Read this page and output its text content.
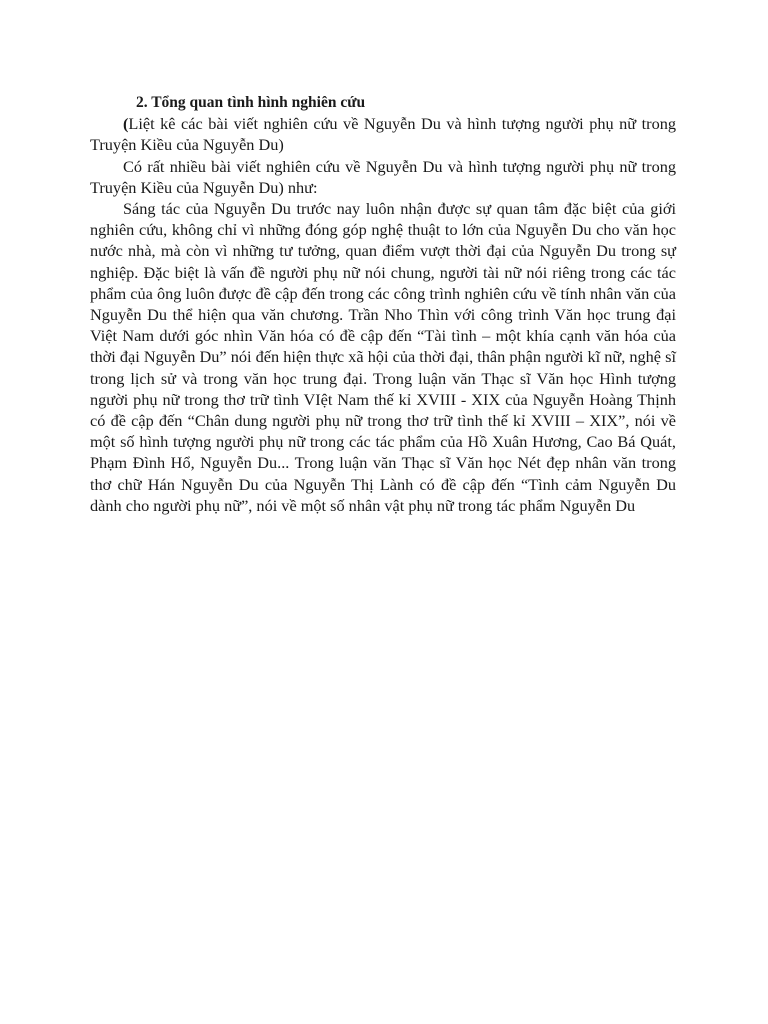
2. Tổng quan tình hình nghiên cứu

(Liệt kê các bài viết nghiên cứu về Nguyễn Du và hình tượng người phụ nữ trong Truyện Kiều của Nguyễn Du)

Có rất nhiều bài viết nghiên cứu về Nguyễn Du và hình tượng người phụ nữ trong Truyện Kiều của Nguyễn Du) như:

Sáng tác của Nguyễn Du trước nay luôn nhận được sự quan tâm đặc biệt của giới nghiên cứu, không chỉ vì những đóng góp nghệ thuật to lớn của Nguyễn Du cho văn học nước nhà, mà còn vì những tư tưởng, quan điểm vượt thời đại của Nguyễn Du trong sự nghiệp. Đặc biệt là vấn đề người phụ nữ nói chung, người tài nữ nói riêng trong các tác phẩm của ông luôn được đề cập đến trong các công trình nghiên cứu về tính nhân văn của Nguyễn Du thể hiện qua văn chương. Trần Nho Thìn với công trình Văn học trung đại Việt Nam dưới góc nhìn Văn hóa có đề cập đến “Tài tình – một khía cạnh văn hóa của thời đại Nguyễn Du” nói đến hiện thực xã hội của thời đại, thân phận người kĩ nữ, nghệ sĩ trong lịch sử và trong văn học trung đại. Trong luận văn Thạc sĩ Văn học Hình tượng người phụ nữ trong thơ trữ tình VIệt Nam thế kỉ XVIII - XIX của Nguyễn Hoàng Thịnh có đề cập đến “Chân dung người phụ nữ trong thơ trữ tình thế kỉ XVIII – XIX”, nói về một số hình tượng người phụ nữ trong các tác phẩm của Hồ Xuân Hương, Cao Bá Quát, Phạm Đình Hổ, Nguyễn Du... Trong luận văn Thạc sĩ Văn học Nét đẹp nhân văn trong thơ chữ Hán Nguyễn Du của Nguyễn Thị Lành có đề cập đến “Tình cảm Nguyễn Du dành cho người phụ nữ”, nói về một số nhân vật phụ nữ trong tác phẩm Nguyễn Du
